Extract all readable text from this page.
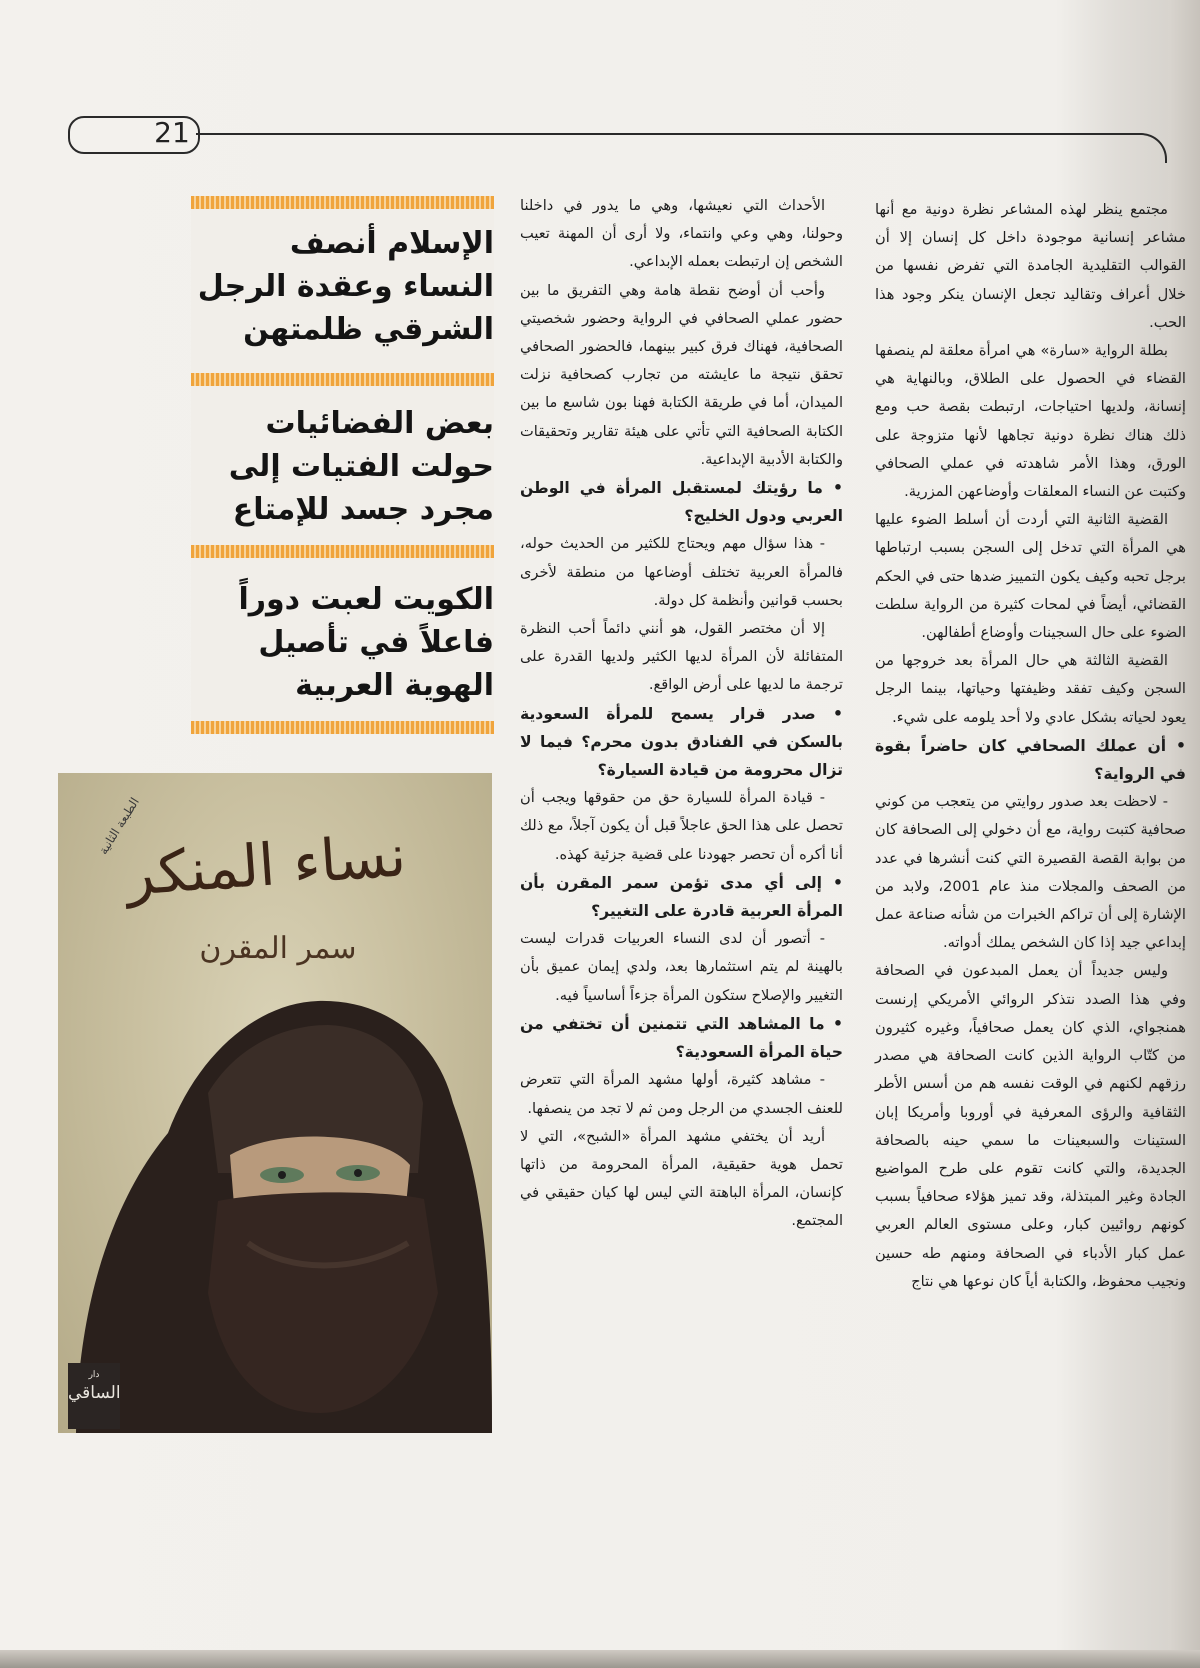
21

مجتمع ينظر لهذه المشاعر نظرة دونية مع أنها مشاعر إنسانية موجودة داخل كل إنسان إلا أن القوالب التقليدية الجامدة التي تفرض نفسها من خلال أعراف وتقاليد تجعل الإنسان ينكر وجود هذا الحب.

بطلة الرواية «سارة» هي امرأة معلقة لم ينصفها القضاء في الحصول على الطلاق، وبالنهاية هي إنسانة، ولديها احتياجات، ارتبطت بقصة حب ومع ذلك هناك نظرة دونية تجاهها لأنها متزوجة على الورق، وهذا الأمر شاهدته في عملي الصحافي وكتبت عن النساء المعلقات وأوضاعهن المزرية.

القضية الثانية التي أردت أن أسلط الضوء عليها هي المرأة التي تدخل إلى السجن بسبب ارتباطها برجل تحبه وكيف يكون التمييز ضدها حتى في الحكم القضائي، أيضاً في لمحات كثيرة من الرواية سلطت الضوء على حال السجينات وأوضاع أطفالهن.

القضية الثالثة هي حال المرأة بعد خروجها من السجن وكيف تفقد وظيفتها وحياتها، بينما الرجل يعود لحياته بشكل عادي ولا أحد يلومه على شيء.

• أن عملك الصحافي كان حاضراً بقوة في الرواية؟

- لاحظت بعد صدور روايتي من يتعجب من كوني صحافية كتبت رواية، مع أن دخولي إلى الصحافة كان من بوابة القصة القصيرة التي كنت أنشرها في عدد من الصحف والمجلات منذ عام 2001، ولابد من الإشارة إلى أن تراكم الخبرات من شأنه صناعة عمل إبداعي جيد إذا كان الشخص يملك أدواته.

وليس جديداً أن يعمل المبدعون في الصحافة وفي هذا الصدد نتذكر الروائي الأمريكي إرنست همنجواي، الذي كان يعمل صحافياً، وغيره كثيرون من كتّاب الرواية الذين كانت الصحافة هي مصدر رزقهم لكنهم في الوقت نفسه هم من أسس الأطر الثقافية والرؤى المعرفية في أوروبا وأمريكا إبان الستينات والسبعينات ما سمي حينه بالصحافة الجديدة، والتي كانت تقوم على طرح المواضيع الجادة وغير المبتذلة، وقد تميز هؤلاء صحافياً بسبب كونهم روائيين كبار، وعلى مستوى العالم العربي عمل كبار الأدباء في الصحافة ومنهم طه حسين ونجيب محفوظ، والكتابة أياً كان نوعها هي نتاج

الأحداث التي نعيشها، وهي ما يدور في داخلنا وحولنا، وهي وعي وانتماء، ولا أرى أن المهنة تعيب الشخص إن ارتبطت بعمله الإبداعي.

وأحب أن أوضح نقطة هامة وهي التفريق ما بين حضور عملي الصحافي في الرواية وحضور شخصيتي الصحافية، فهناك فرق كبير بينهما، فالحضور الصحافي تحقق نتيجة ما عايشته من تجارب كصحافية نزلت الميدان، أما في طريقة الكتابة فهنا بون شاسع ما بين الكتابة الصحافية التي تأتي على هيئة تقارير وتحقيقات والكتابة الأدبية الإبداعية.

• ما رؤيتك لمستقبل المرأة في الوطن العربي ودول الخليج؟

- هذا سؤال مهم ويحتاج للكثير من الحديث حوله، فالمرأة العربية تختلف أوضاعها من منطقة لأخرى بحسب قوانين وأنظمة كل دولة.

إلا أن مختصر القول، هو أنني دائماً أحب النظرة المتفائلة لأن المرأة لديها الكثير ولديها القدرة على ترجمة ما لديها على أرض الواقع.

• صدر قرار يسمح للمرأة السعودية بالسكن في الفنادق بدون محرم؟ فيما لا تزال محرومة من قيادة السيارة؟

- قيادة المرأة للسيارة حق من حقوقها ويجب أن تحصل على هذا الحق عاجلاً قبل أن يكون آجلاً، مع ذلك أنا أكره أن تحصر جهودنا على قضية جزئية كهذه.

• إلى أي مدى تؤمن سمر المقرن بأن المرأة العربية قادرة على التغيير؟

- أتصور أن لدى النساء العربيات قدرات ليست بالهينة لم يتم استثمارها بعد، ولدي إيمان عميق بأن التغيير والإصلاح ستكون المرأة جزءاً أساسياً فيه.

• ما المشاهد التي تتمنين أن تختفي من حياة المرأة السعودية؟

- مشاهد كثيرة، أولها مشهد المرأة التي تتعرض للعنف الجسدي من الرجل ومن ثم لا تجد من ينصفها.

أريد أن يختفي مشهد المرأة «الشبح»، التي لا تحمل هوية حقيقية، المرأة المحرومة من ذاتها كإنسان، المرأة الباهتة التي ليس لها كيان حقيقي في المجتمع.

الإسلام أنصف النساء وعقدة الرجل الشرقي ظلمتهن
بعض الفضائيات حولت الفتيات إلى مجرد جسد للإمتاع
الكويت لعبت دوراً فاعلاً في تأصيل الهوية العربية
الطبعة الثانية
نساء المنكر
سمر المقرن
دار
الساقي
